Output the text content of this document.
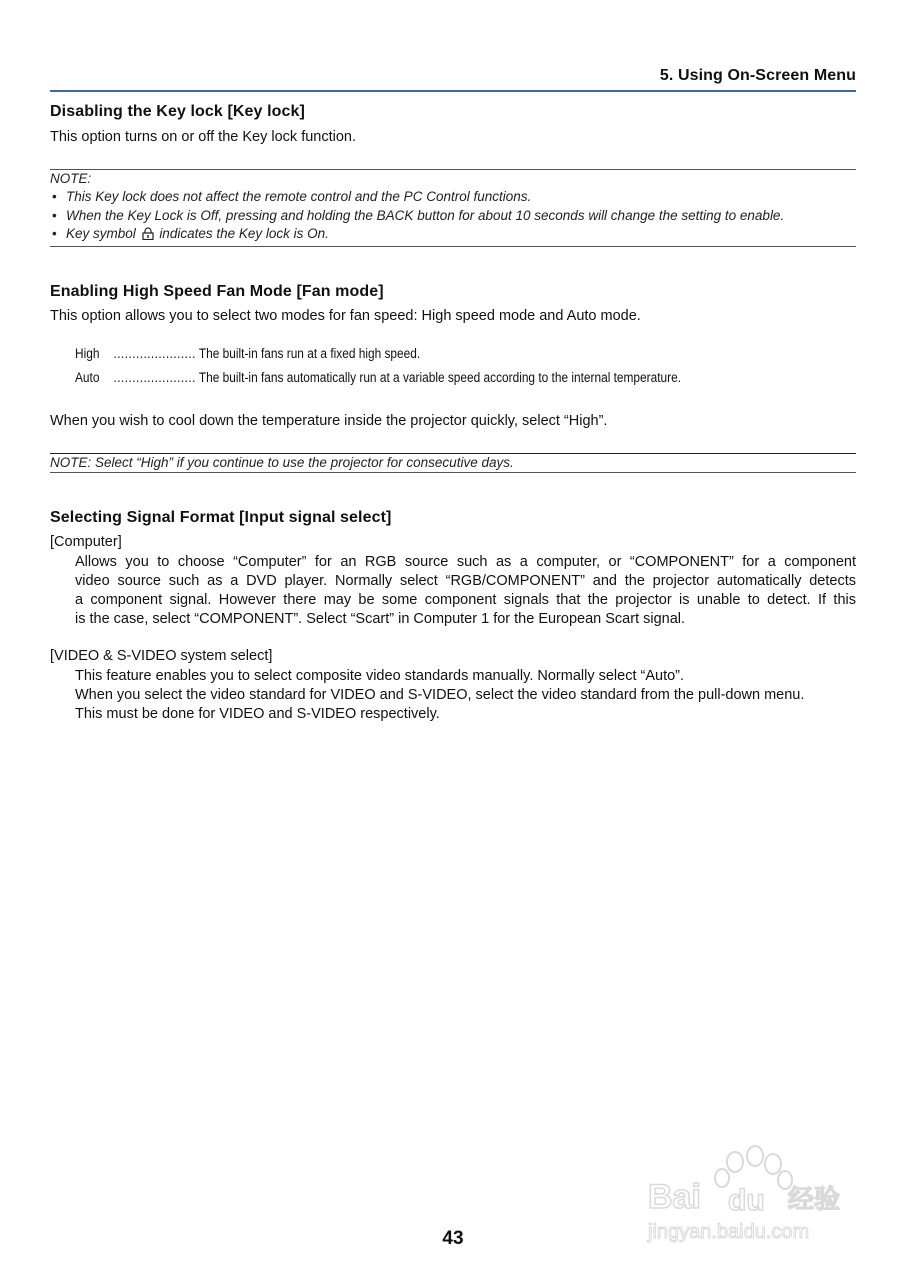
5. Using On-Screen Menu
Disabling the Key lock [Key lock]
This option turns on or off the Key lock function.
NOTE:
• This Key lock does not affect the remote control and the PC Control functions.
• When the Key Lock is Off, pressing and holding the BACK button for about 10 seconds will change the setting to enable.
• Key symbol indicates the Key lock is On.
Enabling High Speed Fan Mode [Fan mode]
This option allows you to select two modes for fan speed: High speed mode and Auto mode.
High ...................... The built-in fans run at a fixed high speed.
Auto ...................... The built-in fans automatically run at a variable speed according to the internal temperature.
When you wish to cool down the temperature inside the projector quickly, select “High”.
NOTE: Select “High” if you continue to use the projector for consecutive days.
Selecting Signal Format [Input signal select]
[Computer]
Allows you to choose “Computer” for an RGB source such as a computer, or “COMPONENT” for a component
video source such as a DVD player. Normally select “RGB/COMPONENT” and the projector automatically detects
a component signal. However there may be some component signals that the projector is unable to detect. If this
is the case, select “COMPONENT”. Select “Scart” in Computer 1 for the European Scart signal.
[VIDEO & S-VIDEO system select]
This feature enables you to select composite video standards manually. Normally select “Auto”.
When you select the video standard for VIDEO and S-VIDEO, select the video standard from the pull-down menu.
This must be done for VIDEO and S-VIDEO respectively.
Bai du 经验
jingyan.baidu.com
43
